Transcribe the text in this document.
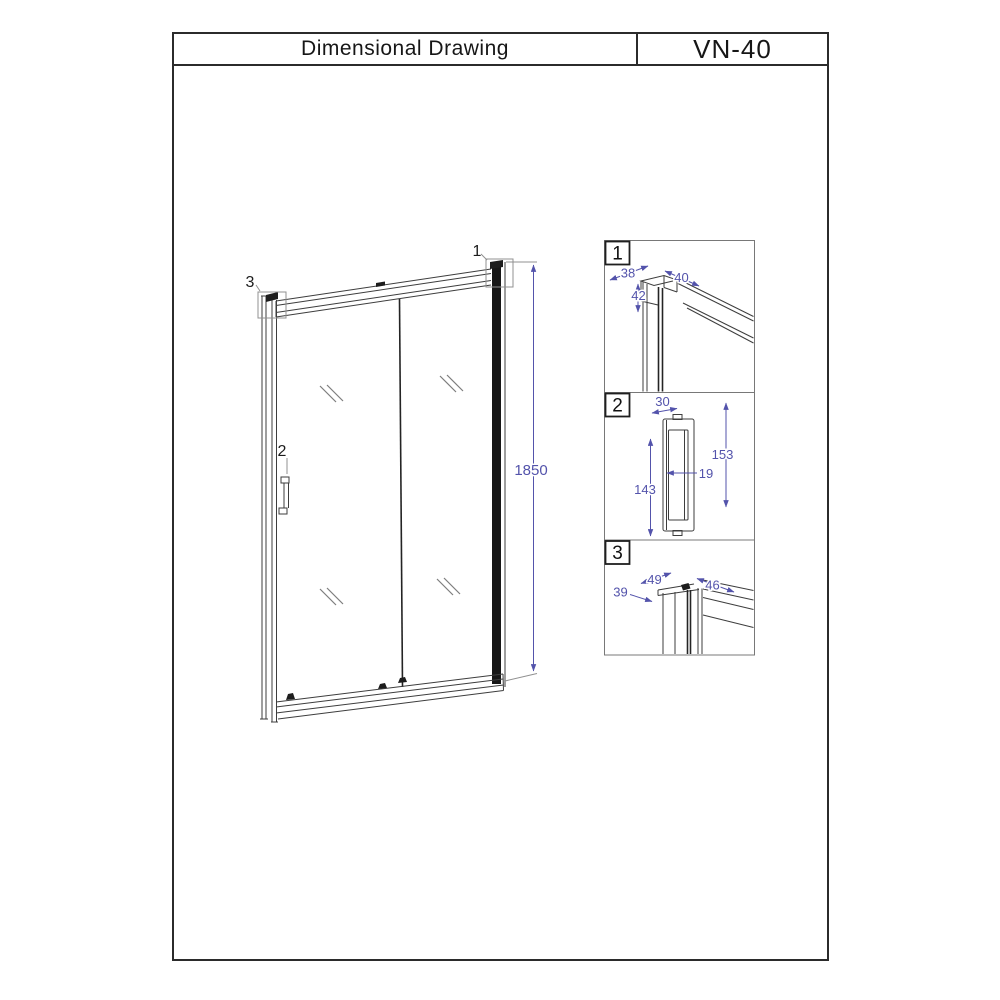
Dimensional Drawing	VN-40
3
1
2
1850
1
38	40
42
2 30
153
19
143
3
49	46
39
